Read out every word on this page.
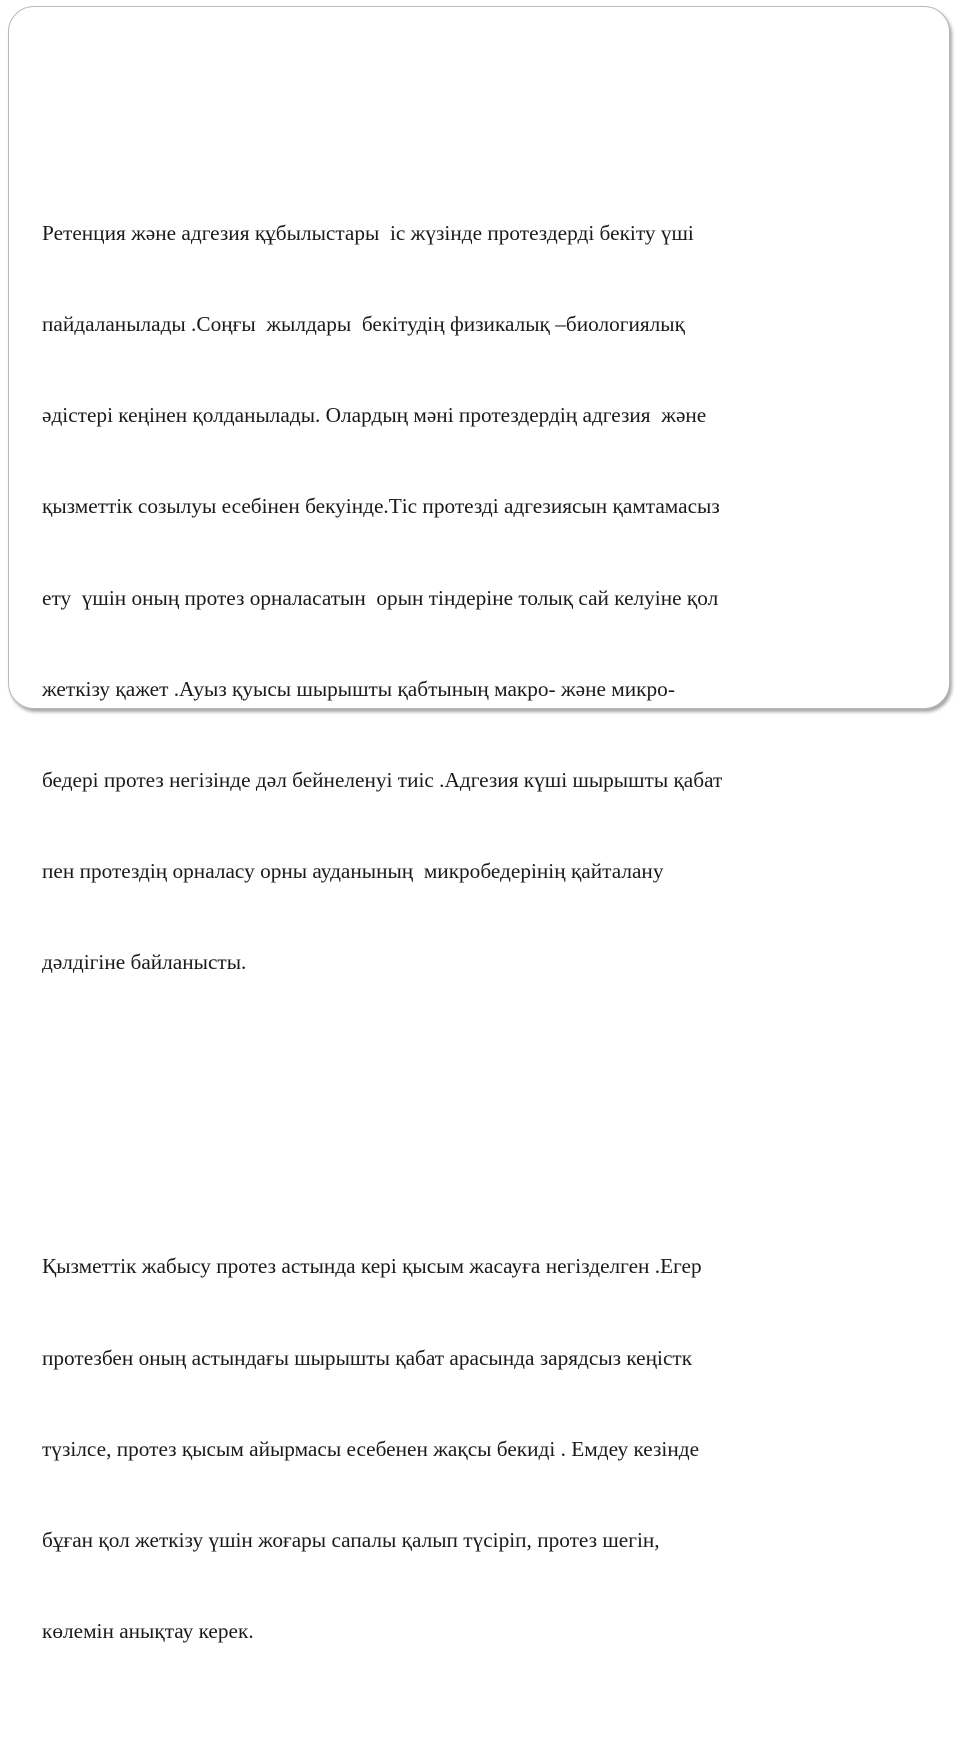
Ретенция және адгезия құбылыстары  іс жүзінде протездерді бекіту үші

пайдаланылады .Соңғы  жылдары  бекітудің физикалық –биологиялық

әдістері кеңінен қолданылады. Олардың мәні протездердің адгезия  және

қызметтік созылуы есебінен бекуінде.Тіс протезді адгезиясын қамтамасыз

ету  үшін оның протез орналасатын  орын тіндеріне толық сай келуіне қол

жеткізу қажет .Ауыз қуысы шырышты қабтының макро- және микро-

бедері протез негізінде дәл бейнеленуі тиіс .Адгезия күші шырышты қабат

пен протездің орналасу орны ауданының  микробедерінің қайталану

дәлдігіне байланысты.

Қызметтік жабысу протез астында кері қысым жасауға негізделген .Егер

протезбен оның астындағы шырышты қабат арасында зарядсыз кеңістк

түзілсе, протез қысым айырмасы есебенен жақсы бекиді . Емдеу кезінде

бұған қол жеткізу үшін жоғары сапалы қалып түсіріп, протез шегін,

көлемін анықтау керек.
